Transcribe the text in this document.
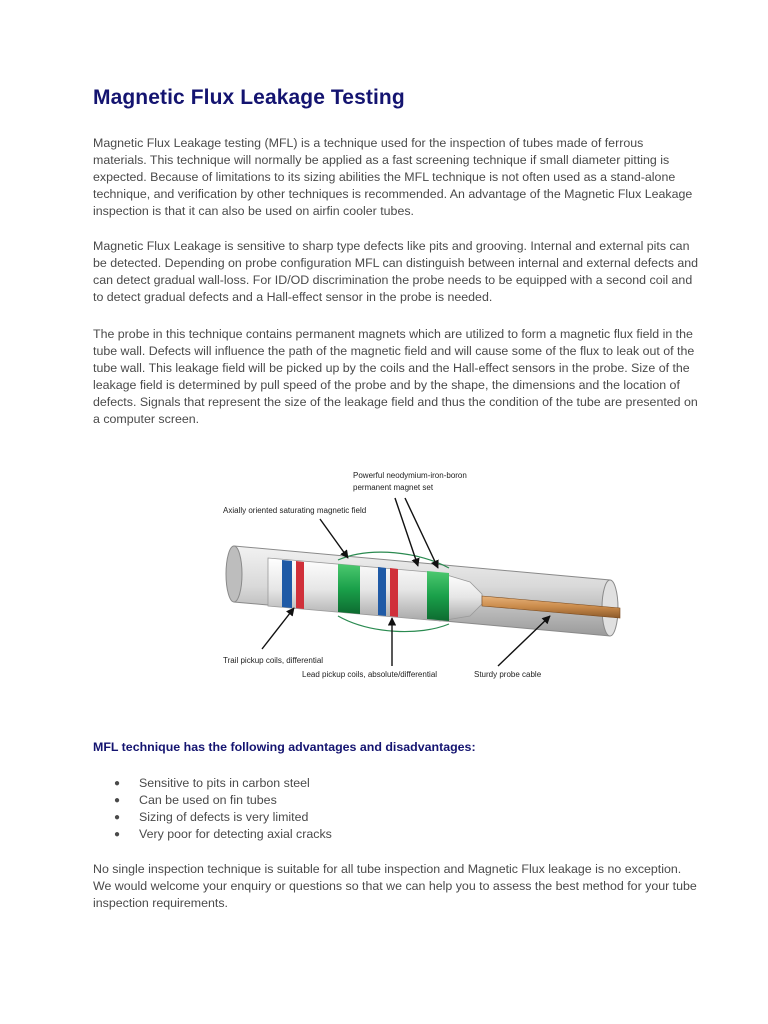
Magnetic Flux Leakage Testing

Magnetic Flux Leakage testing (MFL) is a technique used for the inspection of tubes made of ferrous materials. This technique will normally be applied as a fast screening technique if small diameter pitting is expected. Because of limitations to its sizing abilities the MFL technique is not often used as a stand-alone technique, and verification by other techniques is recommended. An advantage of the Magnetic Flux Leakage inspection is that it can also be used on airfin cooler tubes.

Magnetic Flux Leakage is sensitive to sharp type defects like pits and grooving. Internal and external pits can be detected. Depending on probe configuration MFL can distinguish between internal and external defects and can detect gradual wall-loss. For ID/OD discrimination the probe needs to be equipped with a second coil and to detect gradual defects and a Hall-effect sensor in the probe is needed.

The probe in this technique contains permanent magnets which are utilized to form a magnetic flux field in the tube wall. Defects will influence the path of the magnetic field and will cause some of the flux to leak out of the tube wall. This leakage field will be picked up by the coils and the Hall-effect sensors in the probe. Size of the leakage field is determined by pull speed of the probe and by the shape, the dimensions and the location of defects. Signals that represent the size of the leakage field and thus the condition of the tube are presented on a computer screen.

Powerful neodymium-iron-boron
permanent magnet set
Axially oriented saturating magnetic field
Trail pickup coils, differential
Lead pickup coils, absolute/differential	Sturdy probe cable

MFL technique has the following advantages and disadvantages:

● Sensitive to pits in carbon steel
● Can be used on fin tubes
● Sizing of defects is very limited
● Very poor for detecting axial cracks

No single inspection technique is suitable for all tube inspection and Magnetic Flux leakage is no exception. We would welcome your enquiry or questions so that we can help you to assess the best method for your tube inspection requirements.
